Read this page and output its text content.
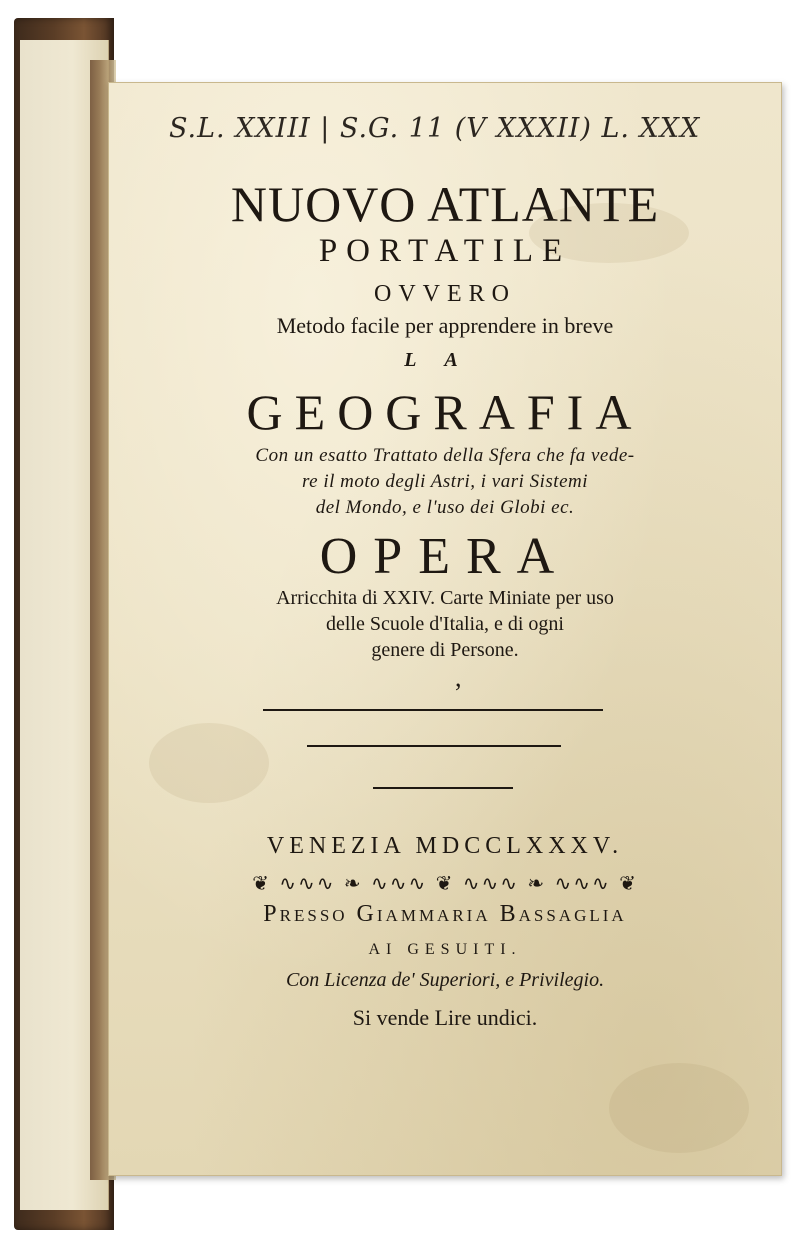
S.L. XXIII | S.G. 11 (V XXXII) L. XXX
NUOVO ATLANTE
PORTATILE
OVVERO
Metodo facile per apprendere in breve
LA
GEOGRAFIA
Con un esatto Trattato della Sfera che fa vede-
re il moto degli Astri, i vari Sistemi
del Mondo, e l'uso dei Globi ec.
OPERA
Arricchita di XXIV. Carte Miniate per uso
delle Scuole d'Italia, e di ogni
genere di Persone.
,
VENEZIA MDCCLXXXV.
❦ ∿∿∿ ❧ ∿∿∿ ❦ ∿∿∿ ❧ ∿∿∿ ❦
Presso Giammaria Bassaglia
AI GESUITI.
Con Licenza de' Superiori, e Privilegio.
Si vende Lire undici.
